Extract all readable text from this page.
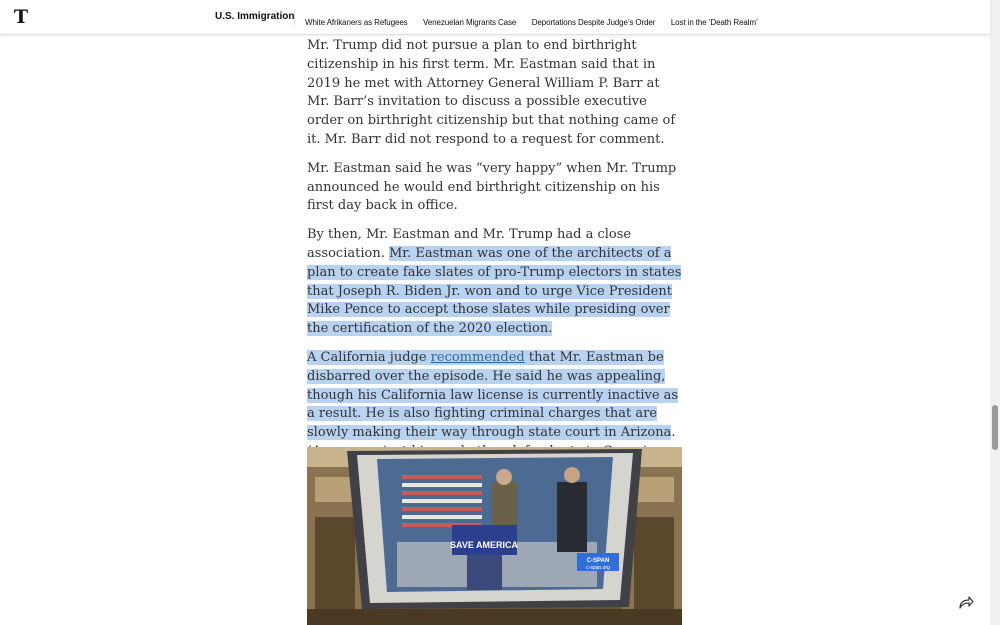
T	U.S. Immigration
White Afrikaners as Refugees Venezuelan Migrants Case Deportations Despite Judge’s Order Lost in the ‘Death Realm’

Mr. Trump did not pursue a plan to end birthright citizenship in his first term. Mr. Eastman said that in 2019 he met with Attorney General William P. Barr at Mr. Barr’s invitation to discuss a possible executive order on birthright citizenship but that nothing came of it. Mr. Barr did not respond to a request for comment.

Mr. Eastman said he was “very happy” when Mr. Trump announced he would end birthright citizenship on his first day back in office.

By then, Mr. Eastman and Mr. Trump had a close association. Mr. Eastman was one of the architects of a plan to create fake slates of pro-Trump electors in states that Joseph R. Biden Jr. won and to urge Vice President Mike Pence to accept those slates while presiding over the certification of the 2020 election.

A California judge recommended that Mr. Eastman be disbarred over the episode. He said he was appealing, though his California law license is currently inactive as a result. He is also fighting criminal charges that are slowly making their way through state court in Arizona.

SAVE AMERICA
C-SPAN
c-span.org
